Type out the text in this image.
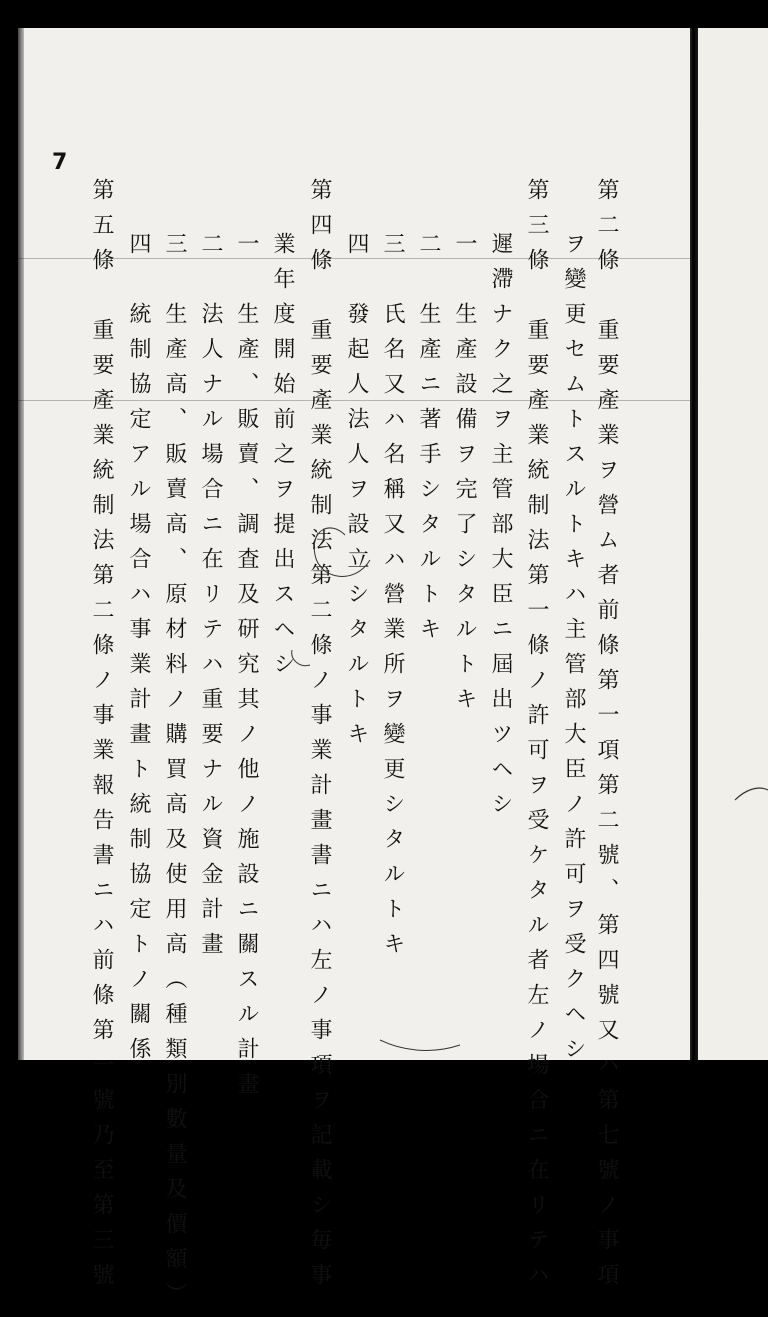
7
第二條　重要產業ヲ營ム者前條第一項第二號、第四號又ハ第七號ノ事項
ヲ變更セムトスルトキハ主管部大臣ノ許可ヲ受クヘシ
第三條　重要產業統制法第一條ノ許可ヲ受ケタル者左ノ場合ニ在リテハ
遲滯ナク之ヲ主管部大臣ニ屆出ツヘシ
一　生產設備ヲ完了シタルトキ
二　生產ニ著手シタルトキ
三　氏名又ハ名稱又ハ營業所ヲ變更シタルトキ
四　發起人法人ヲ設立シタルトキ
第四條　重要產業統制法第二條ノ事業計畫書ニハ左ノ事項ヲ記載シ毎事
業年度開始前之ヲ提出スヘシ
一　生產、販賣、調査及研究其ノ他ノ施設ニ關スル計畫
二　法人ナル場合ニ在リテハ重要ナル資金計畫
三　生產高、販賣高、原材料ノ購買高及使用高（種類別數量及價額）
四　統制協定アル場合ハ事業計畫ト統制協定トノ關係
第五條　重要產業統制法第二條ノ事業報告書ニハ前條第一號乃至第三號
